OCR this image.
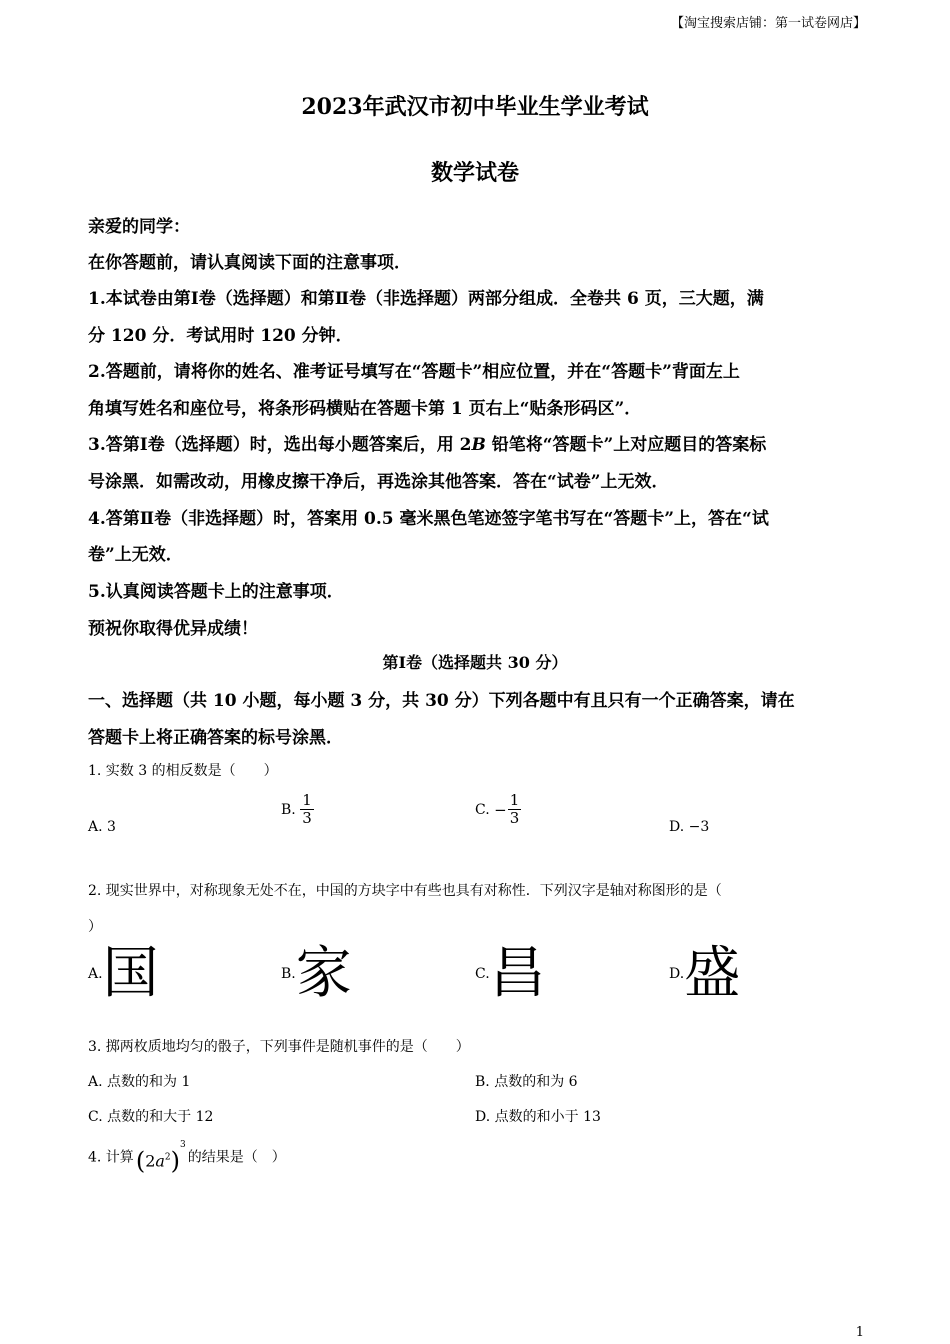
【淘宝搜索店铺：第一试卷网店】
2023年武汉市初中毕业生学业考试
数学试卷
亲爱的同学：
在你答题前，请认真阅读下面的注意事项．
1.本试卷由第Ⅰ卷（选择题）和第Ⅱ卷（非选择题）两部分组成．全卷共 6 页，三大题，满
分 120 分．考试用时 120 分钟．
2.答题前，请将你的姓名、准考证号填写在“答题卡”相应位置，并在“答题卡”背面左上
角填写姓名和座位号，将条形码横贴在答题卡第 1 页右上“贴条形码区”．
3.答第Ⅰ卷（选择题）时，选出每小题答案后，用 2B 铅笔将“答题卡”上对应题目的答案标
号涂黑．如需改动，用橡皮擦干净后，再选涂其他答案．答在“试卷”上无效．
4.答第Ⅱ卷（非选择题）时，答案用 0.5 毫米黑色笔迹签字笔书写在“答题卡”上，答在“试
卷”上无效．
5.认真阅读答题卡上的注意事项．
预祝你取得优异成绩！
第Ⅰ卷（选择题共 30 分）
一、选择题（共 10 小题，每小题 3 分，共 30 分）下列各题中有且只有一个正确答案，请在
答题卡上将正确答案的标号涂黑．
1. 实数 3 的相反数是（　　）
A. 3
B. $\frac{1}{3}$	C. − $\frac{1}{3}$	D. −3
2. 现实世界中，对称现象无处不在，中国的方块字中有些也具有对称性．下列汉字是轴对称图形的是（
）
A.国	B.家	C.昌	D.盛
3. 掷两枚质地均匀的骰子，下列事件是随机事件的是（　　）
A. 点数的和为 1	B. 点数的和为 6
C. 点数的和大于 12	D. 点数的和小于 13
4. 计算$(2a^2)^3$的结果是（　）
1
